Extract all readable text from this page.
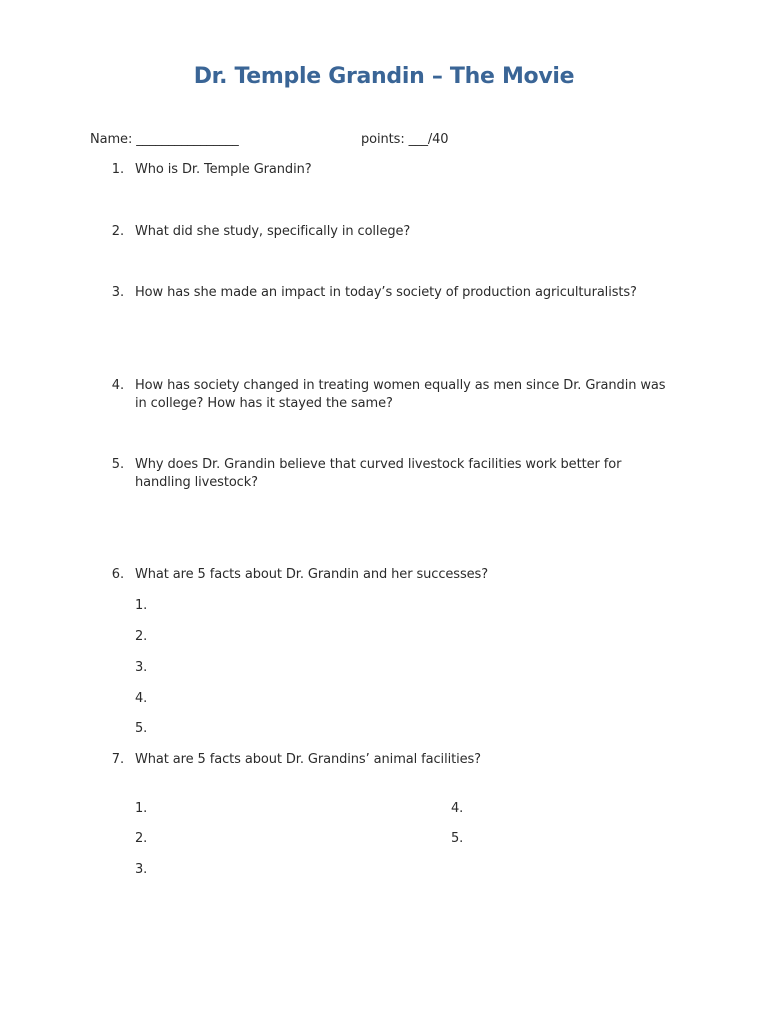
Dr. Temple Grandin – The Movie
Name: ________________	points: ___/40
1. Who is Dr. Temple Grandin?
2. What did she study, specifically in college?
3. How has she made an impact in today’s society of production agriculturalists?
4. How has society changed in treating women equally as men since Dr. Grandin was in college? How has it stayed the same?
5. Why does Dr. Grandin believe that curved livestock facilities work better for handling livestock?
6. What are 5 facts about Dr. Grandin and her successes?
1.
2.
3.
4.
5.
7. What are 5 facts about Dr. Grandins’ animal facilities?
1.
2.
3.
4.
5.
